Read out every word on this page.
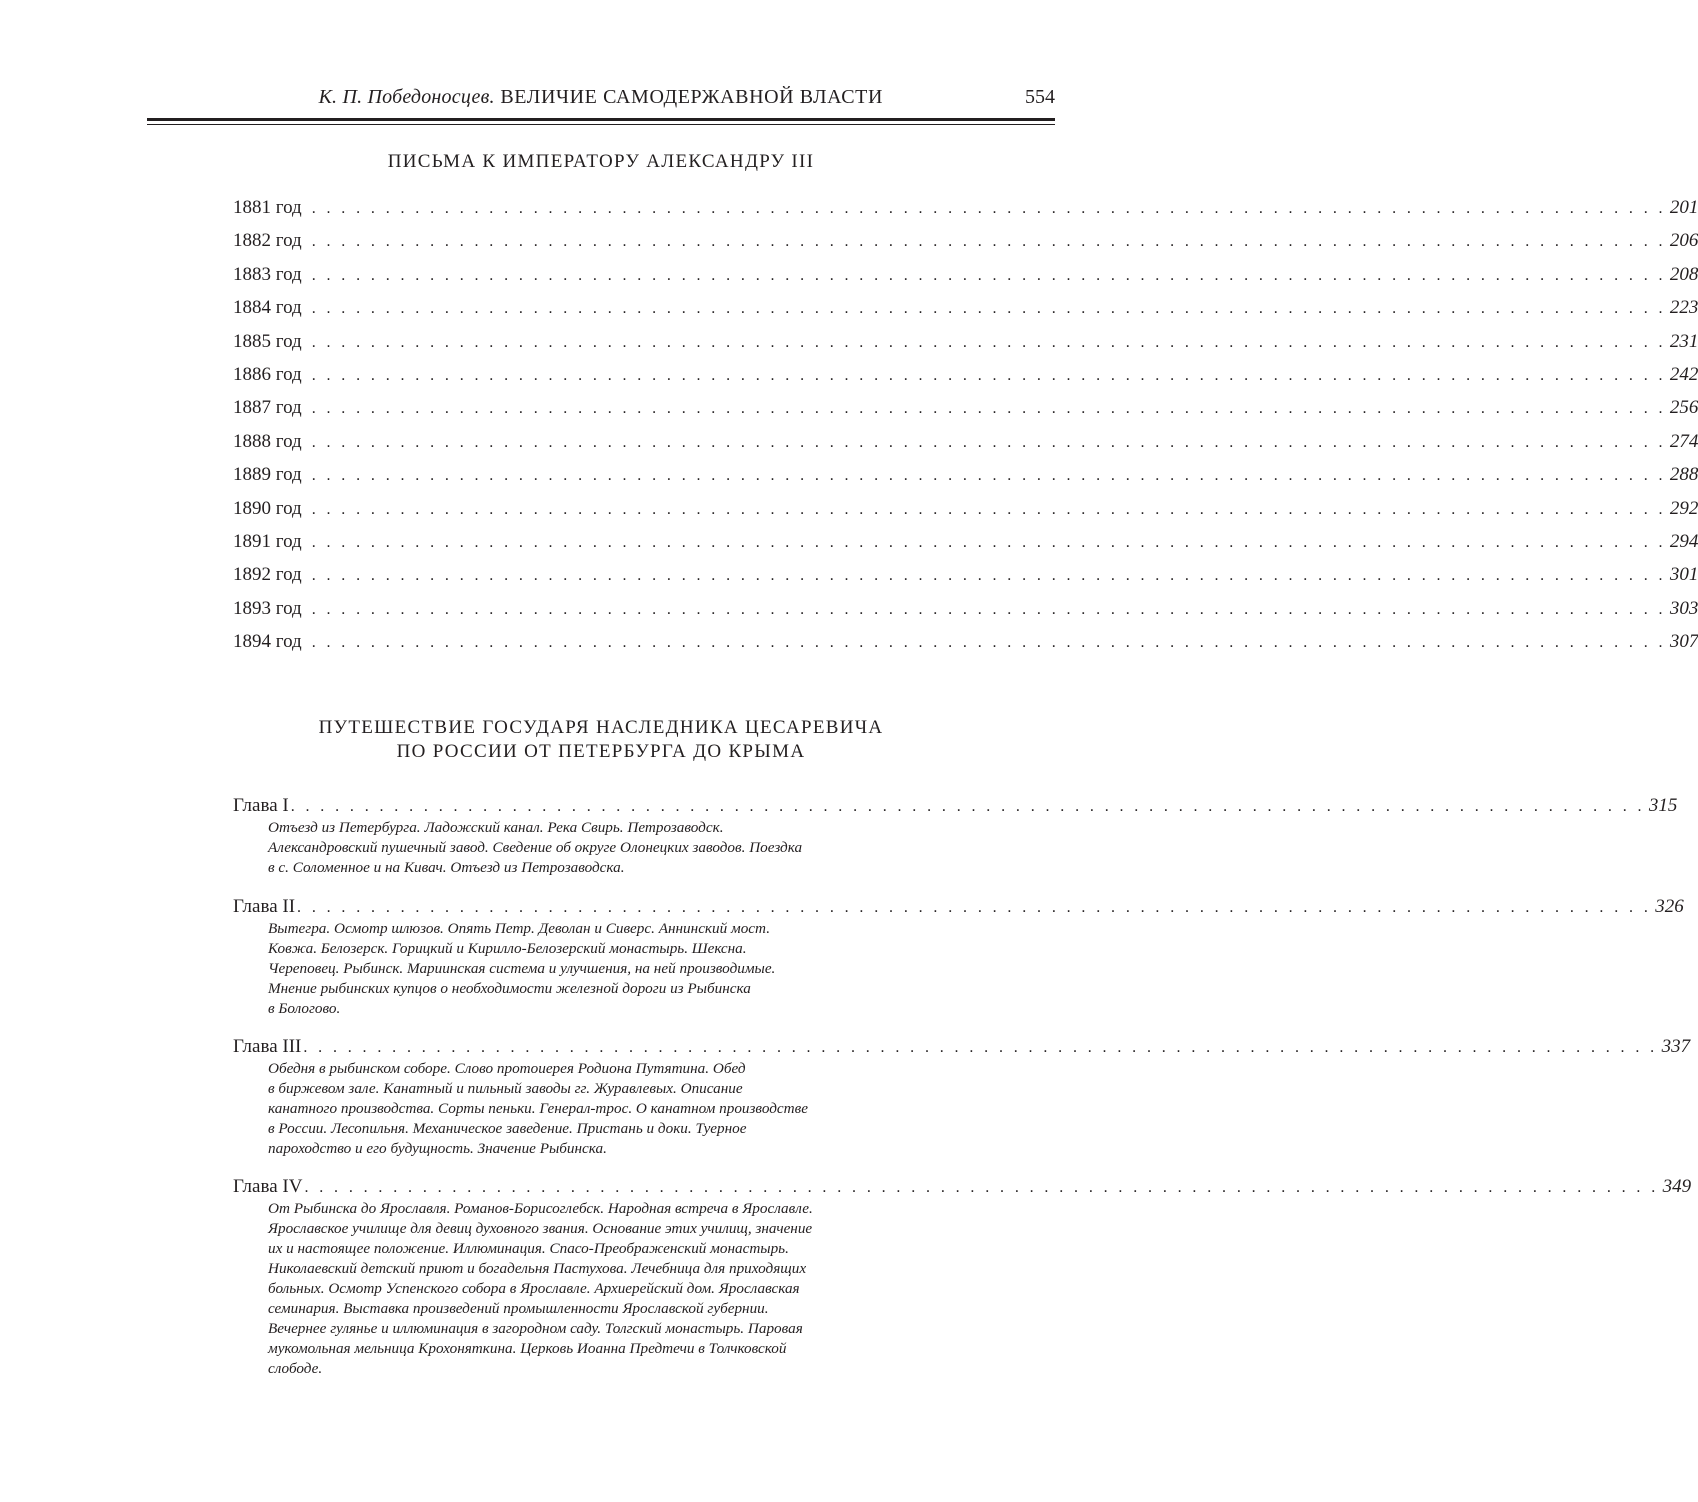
К. П. Победоносцев. ВЕЛИЧИЕ САМОДЕРЖАВНОЙ ВЛАСТИ	554
ПИСЬМА К ИМПЕРАТОРУ АЛЕКСАНДРУ III
1881 год . . . . . . . . . . . . . . . . . . . . . . . . . . . . . . . . . . . . . . . . . . . . . . . . . . . . . . . . . . . . . . . . . . . . . . . . . . . . . . . . . . . . . . . . . . . . 201
1882 год . . . . . . . . . . . . . . . . . . . . . . . . . . . . . . . . . . . . . . . . . . . . . . . . . . . . . . . . . . . . . . . . . . . . . . . . . . . . . . . . . . . . . . . . . . . . 206
1883 год . . . . . . . . . . . . . . . . . . . . . . . . . . . . . . . . . . . . . . . . . . . . . . . . . . . . . . . . . . . . . . . . . . . . . . . . . . . . . . . . . . . . . . . . . . . . 208
1884 год . . . . . . . . . . . . . . . . . . . . . . . . . . . . . . . . . . . . . . . . . . . . . . . . . . . . . . . . . . . . . . . . . . . . . . . . . . . . . . . . . . . . . . . . . . . . 223
1885 год . . . . . . . . . . . . . . . . . . . . . . . . . . . . . . . . . . . . . . . . . . . . . . . . . . . . . . . . . . . . . . . . . . . . . . . . . . . . . . . . . . . . . . . . . . . . 231
1886 год . . . . . . . . . . . . . . . . . . . . . . . . . . . . . . . . . . . . . . . . . . . . . . . . . . . . . . . . . . . . . . . . . . . . . . . . . . . . . . . . . . . . . . . . . . . . 242
1887 год . . . . . . . . . . . . . . . . . . . . . . . . . . . . . . . . . . . . . . . . . . . . . . . . . . . . . . . . . . . . . . . . . . . . . . . . . . . . . . . . . . . . . . . . . . . . 256
1888 год . . . . . . . . . . . . . . . . . . . . . . . . . . . . . . . . . . . . . . . . . . . . . . . . . . . . . . . . . . . . . . . . . . . . . . . . . . . . . . . . . . . . . . . . . . . . 274
1889 год . . . . . . . . . . . . . . . . . . . . . . . . . . . . . . . . . . . . . . . . . . . . . . . . . . . . . . . . . . . . . . . . . . . . . . . . . . . . . . . . . . . . . . . . . . . . 288
1890 год . . . . . . . . . . . . . . . . . . . . . . . . . . . . . . . . . . . . . . . . . . . . . . . . . . . . . . . . . . . . . . . . . . . . . . . . . . . . . . . . . . . . . . . . . . . . 292
1891 год . . . . . . . . . . . . . . . . . . . . . . . . . . . . . . . . . . . . . . . . . . . . . . . . . . . . . . . . . . . . . . . . . . . . . . . . . . . . . . . . . . . . . . . . . . . . 294
1892 год . . . . . . . . . . . . . . . . . . . . . . . . . . . . . . . . . . . . . . . . . . . . . . . . . . . . . . . . . . . . . . . . . . . . . . . . . . . . . . . . . . . . . . . . . . . . 301
1893 год . . . . . . . . . . . . . . . . . . . . . . . . . . . . . . . . . . . . . . . . . . . . . . . . . . . . . . . . . . . . . . . . . . . . . . . . . . . . . . . . . . . . . . . . . . . . 303
1894 год . . . . . . . . . . . . . . . . . . . . . . . . . . . . . . . . . . . . . . . . . . . . . . . . . . . . . . . . . . . . . . . . . . . . . . . . . . . . . . . . . . . . . . . . . . . . 307
ПУТЕШЕСТВИЕ ГОСУДАРЯ НАСЛЕДНИКА ЦЕСАРЕВИЧА
ПО РОССИИ ОТ ПЕТЕРБУРГА ДО КРЫМА
Глава I . . . . . . . . . . . . . . . . . . . . . . . . . . . . . . . . . . . . . . . . . . . . . . . . . . . . . . . . . . . . . . . . . . . . . . . . . . . . . . . . . . . . . . . . . . . . 315
Отъезд из Петербурга. Ладожский канал. Река Свирь. Петрозаводск.
Александровский пушечный завод. Сведение об округе Олонецких заводов. Поездка
в с. Соломенное и на Кивач. Отъезд из Петрозаводска.
Глава II . . . . . . . . . . . . . . . . . . . . . . . . . . . . . . . . . . . . . . . . . . . . . . . . . . . . . . . . . . . . . . . . . . . . . . . . . . . . . . . . . . . . . . . . . . . . 326
Вытегра. Осмотр шлюзов. Опять Петр. Деволан и Сиверс. Аннинский мост.
Ковжа. Белозерск. Горицкий и Кирилло-Белозерский монастырь. Шексна.
Череповец. Рыбинск. Мариинская система и улучшения, на ней производимые.
Мнение рыбинских купцов о необходимости железной дороги из Рыбинска
в Бологово.
Глава III . . . . . . . . . . . . . . . . . . . . . . . . . . . . . . . . . . . . . . . . . . . . . . . . . . . . . . . . . . . . . . . . . . . . . . . . . . . . . . . . . . . . . . . . . . . . 337
Обедня в рыбинском соборе. Слово протоиерея Родиона Путятина. Обед
в биржевом зале. Канатный и пильный заводы гг. Журавлевых. Описание
канатного производства. Сорты пеньки. Генерал-трос. О канатном производстве
в России. Лесопильня. Механическое заведение. Пристань и доки. Туерное
пароходство и его будущность. Значение Рыбинска.
Глава IV . . . . . . . . . . . . . . . . . . . . . . . . . . . . . . . . . . . . . . . . . . . . . . . . . . . . . . . . . . . . . . . . . . . . . . . . . . . . . . . . . . . . . . . . . . . . 349
От Рыбинска до Ярославля. Романов-Борисоглебск. Народная встреча в Ярославле.
Ярославское училище для девиц духовного звания. Основание этих училищ, значение
их и настоящее положение. Иллюминация. Спасо-Преображенский монастырь.
Николаевский детский приют и богадельня Пастухова. Лечебница для приходящих
больных. Осмотр Успенского собора в Ярославле. Архиерейский дом. Ярославская
семинария. Выставка произведений промышленности Ярославской губернии.
Вечернее гулянье и иллюминация в загородном саду. Толгский монастырь. Паровая
мукомольная мельница Крохоняткина. Церковь Иоанна Предтечи в Толчковской
слободе.
